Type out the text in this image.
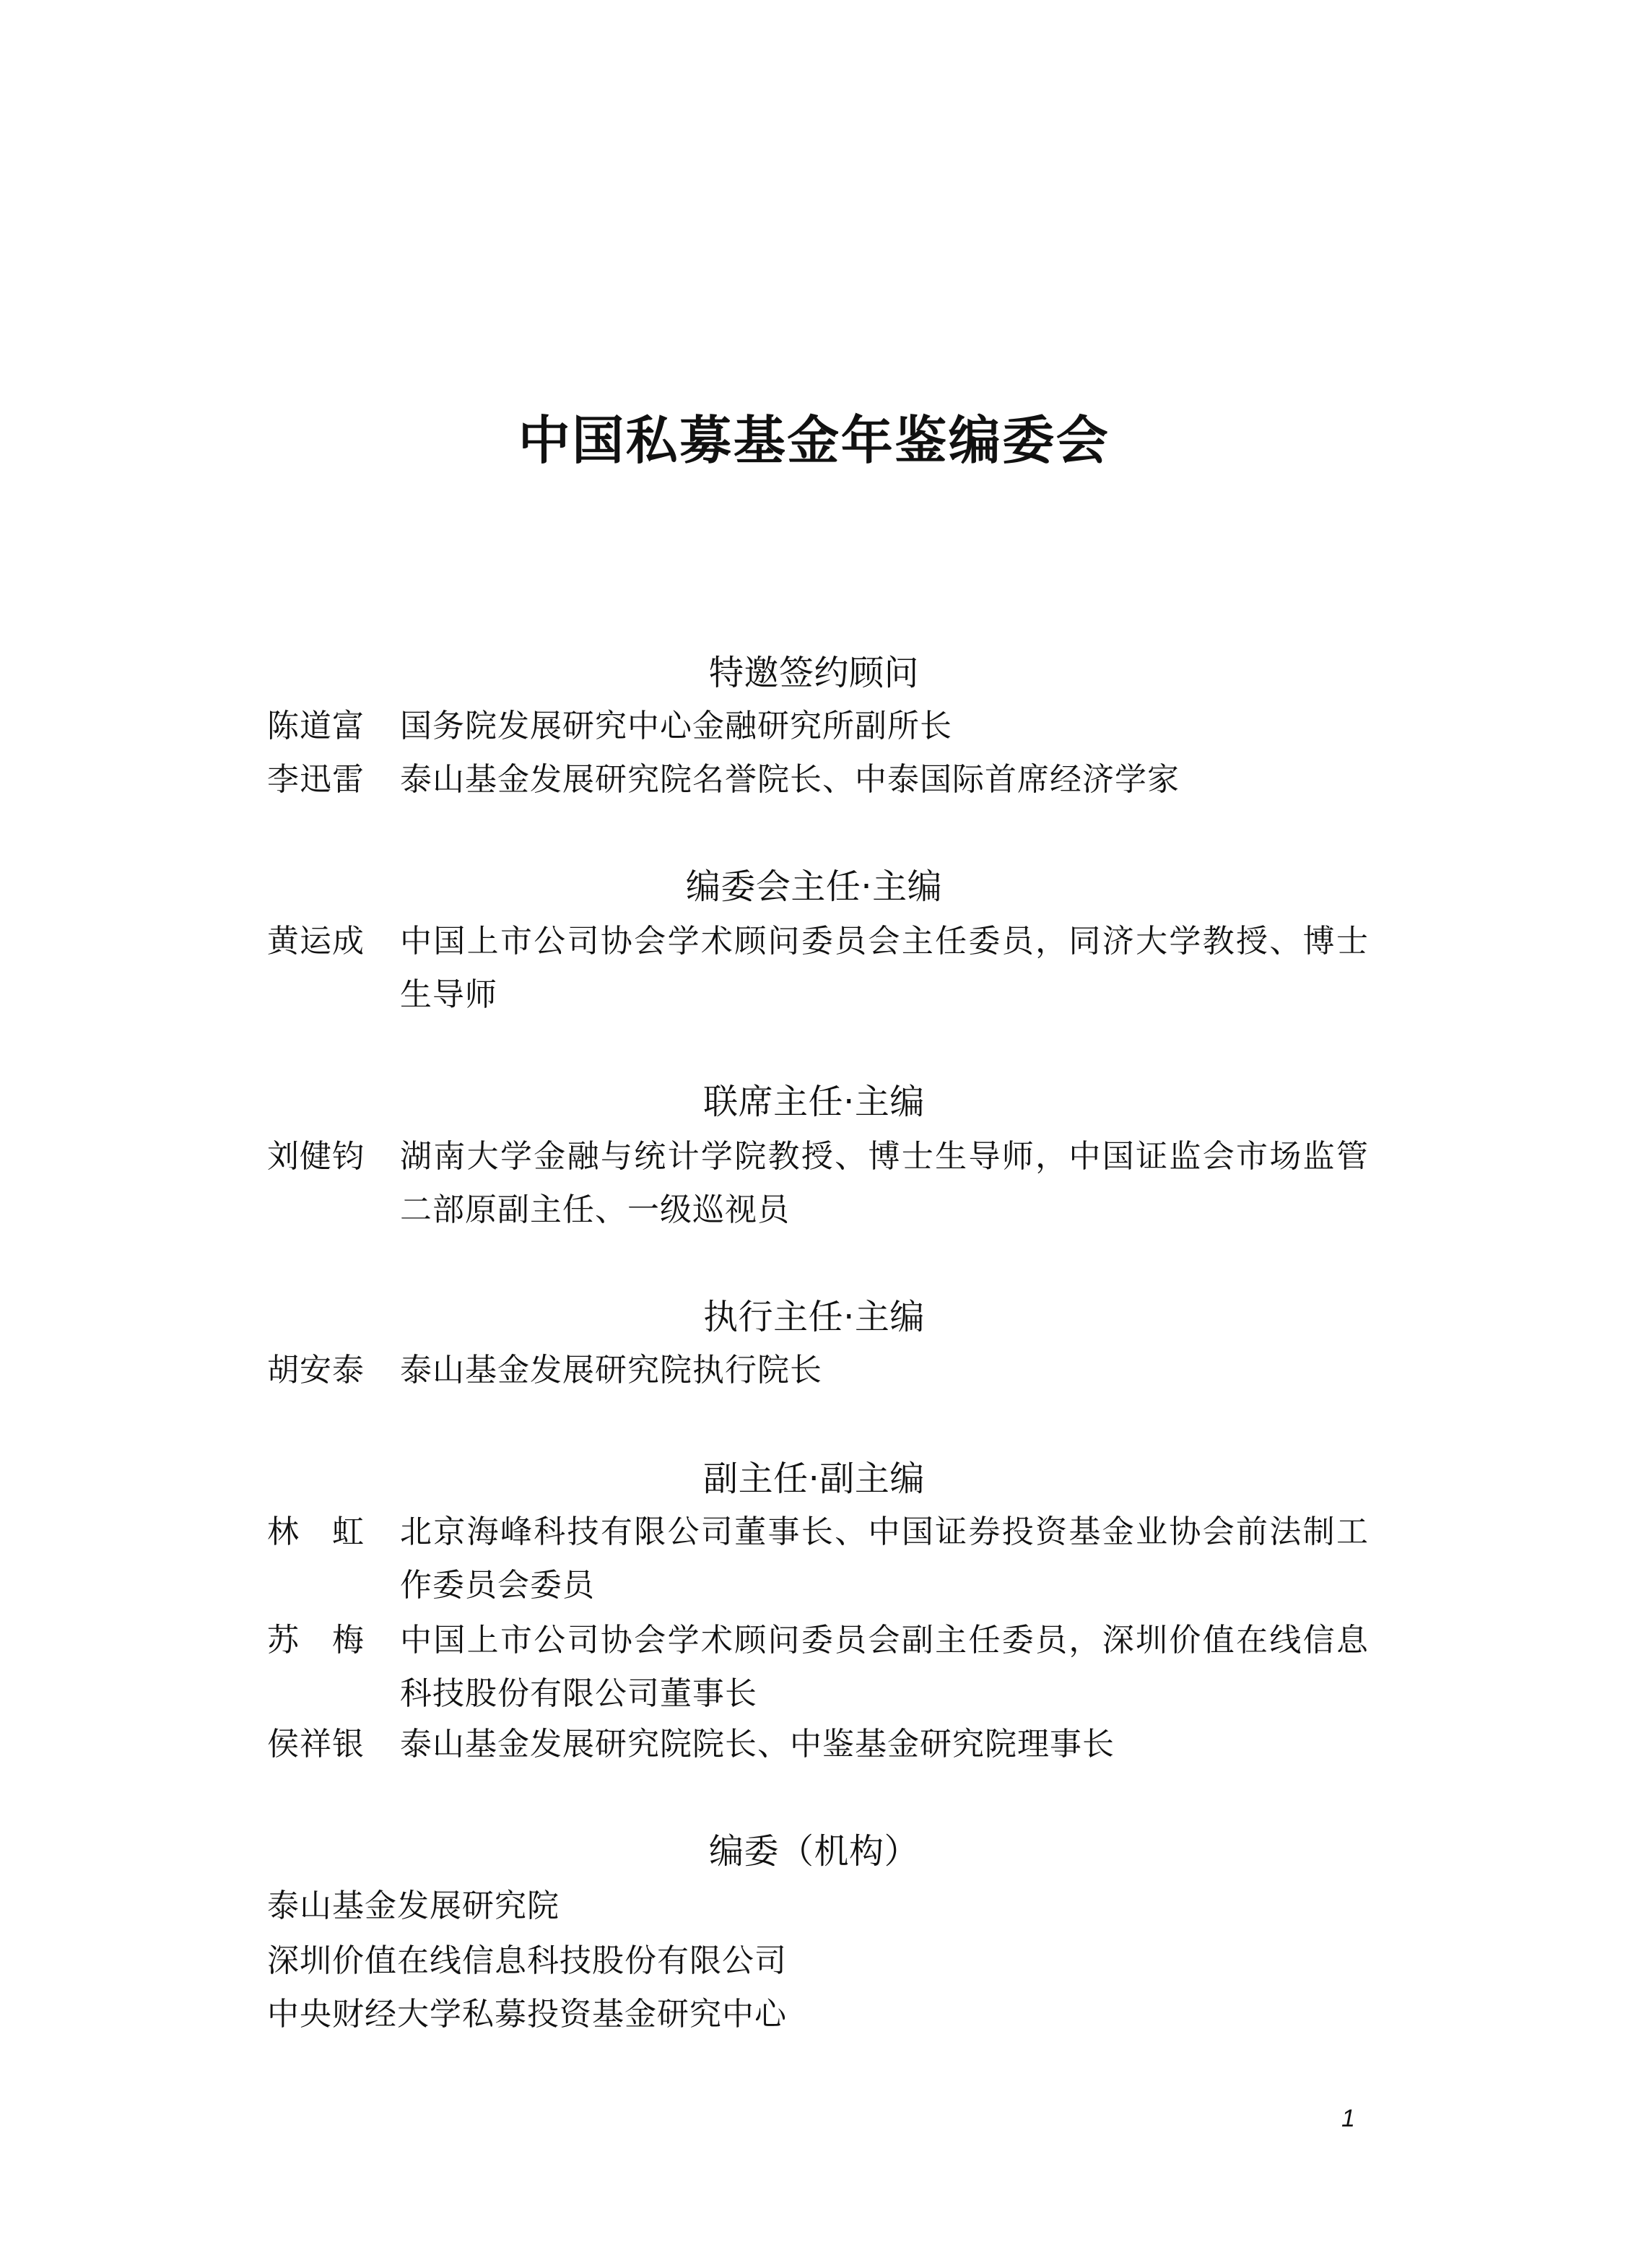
中国私募基金年鉴编委会
特邀签约顾问
陈道富 国务院发展研究中心金融研究所副所长
李迅雷 泰山基金发展研究院名誉院长、中泰国际首席经济学家
编委会主任·主编
黄运成 中国上市公司协会学术顾问委员会主任委员，同济大学教授、博士
生导师
联席主任·主编
刘健钧 湖南大学金融与统计学院教授、博士生导师，中国证监会市场监管
二部原副主任、一级巡视员
执行主任·主编
胡安泰 泰山基金发展研究院执行院长
副主任·副主编
林 虹 北京海峰科技有限公司董事长、中国证券投资基金业协会前法制工
作委员会委员
苏 梅 中国上市公司协会学术顾问委员会副主任委员，深圳价值在线信息
科技股份有限公司董事长
侯祥银 泰山基金发展研究院院长、中鉴基金研究院理事长
编委（机构）
泰山基金发展研究院
深圳价值在线信息科技股份有限公司
中央财经大学私募投资基金研究中心
1
